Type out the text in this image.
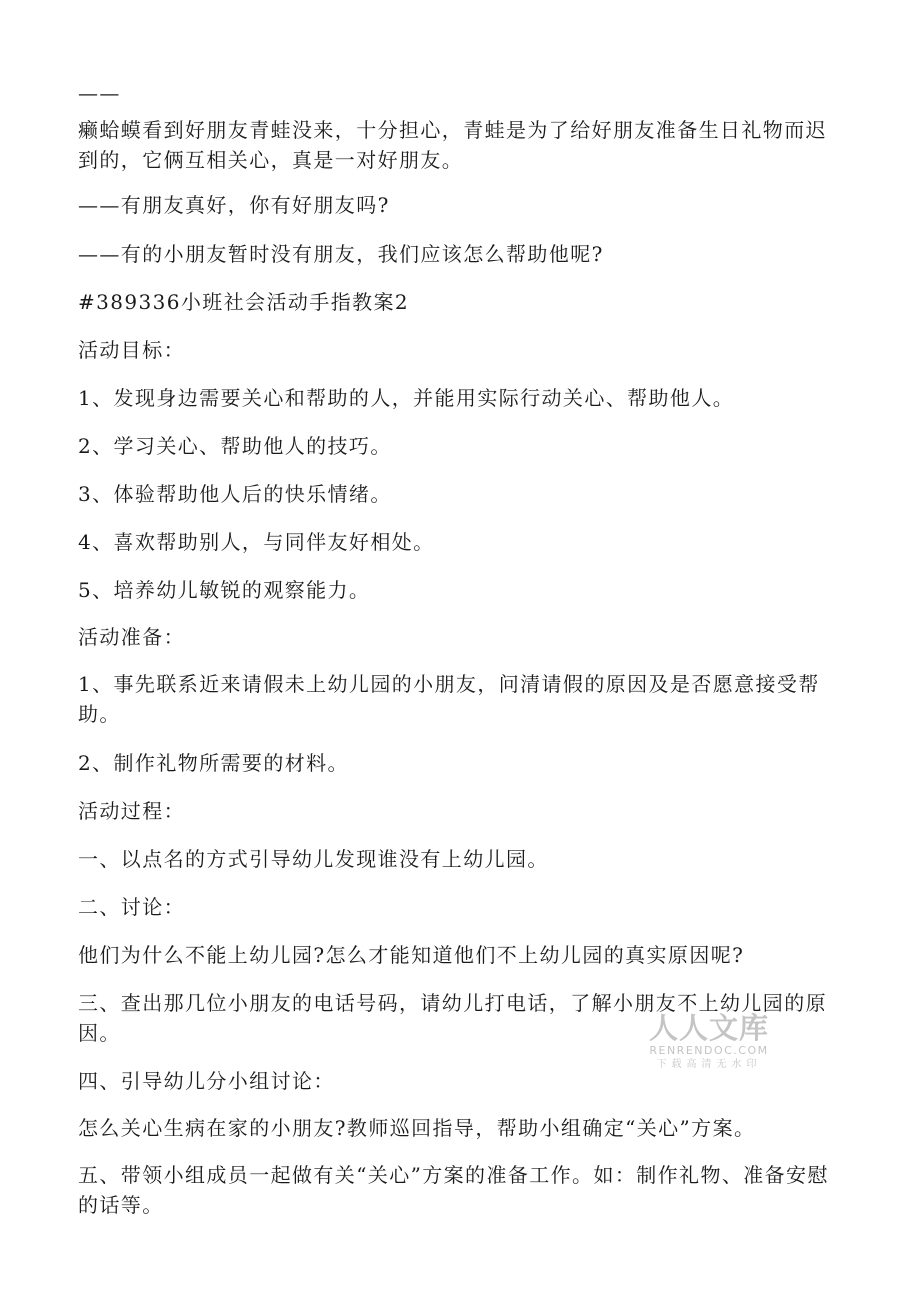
——
癞蛤蟆看到好朋友青蛙没来，十分担心，青蛙是为了给好朋友准备生日礼物而迟到的，它俩互相关心，真是一对好朋友。
——有朋友真好，你有好朋友吗?
——有的小朋友暂时没有朋友，我们应该怎么帮助他呢?
#389336小班社会活动手指教案2
活动目标：
1、发现身边需要关心和帮助的人，并能用实际行动关心、帮助他人。
2、学习关心、帮助他人的技巧。
3、体验帮助他人后的快乐情绪。
4、喜欢帮助别人，与同伴友好相处。
5、培养幼儿敏锐的观察能力。
活动准备：
1、事先联系近来请假未上幼儿园的小朋友，问清请假的原因及是否愿意接受帮助。
2、制作礼物所需要的材料。
活动过程：
一、以点名的方式引导幼儿发现谁没有上幼儿园。
二、讨论：
他们为什么不能上幼儿园?怎么才能知道他们不上幼儿园的真实原因呢?
三、查出那几位小朋友的电话号码，请幼儿打电话，了解小朋友不上幼儿园的原因。
四、引导幼儿分小组讨论：
怎么关心生病在家的小朋友?教师巡回指导，帮助小组确定“关心”方案。
五、带领小组成员一起做有关“关心”方案的准备工作。如：制作礼物、准备安慰的话等。
人人文库
RENRENDOC.COM
下载高清无水印
